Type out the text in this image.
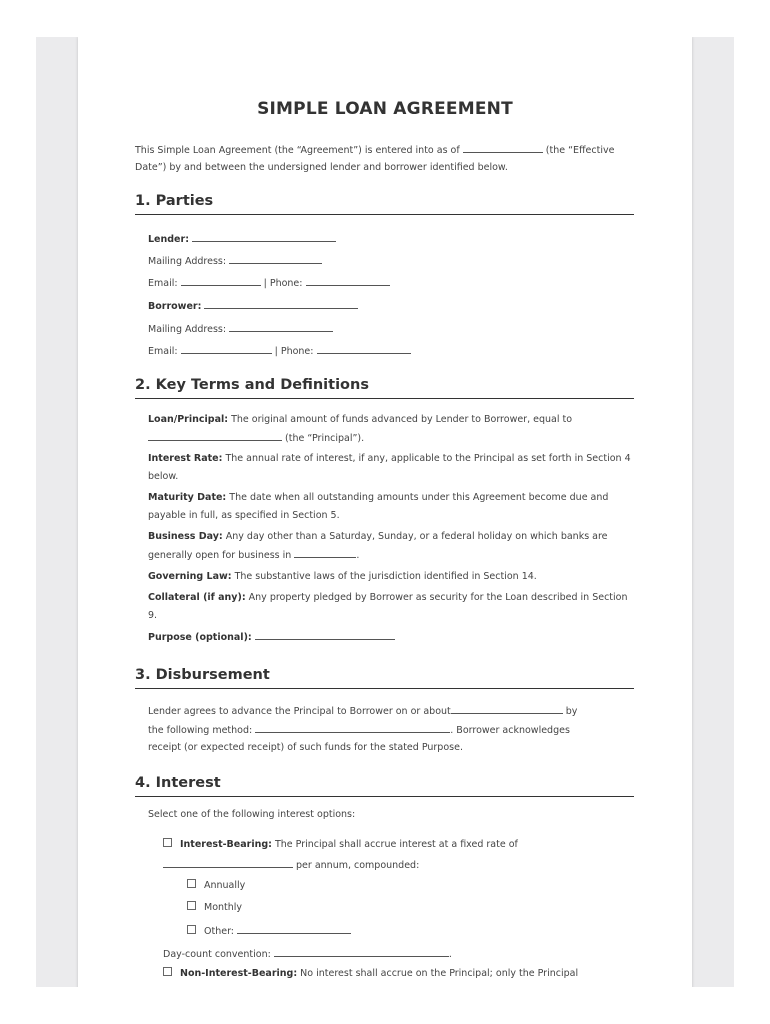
SIMPLE LOAN AGREEMENT
This Simple Loan Agreement (the “Agreement”) is entered into as of	(the “Effective
Date”) by and between the undersigned lender and borrower identified below.
1. Parties
Lender:
Mailing Address:
Email:	| Phone:
Borrower:
Mailing Address:
Email:	| Phone:
2. Key Terms and Definitions
Loan/Principal: The original amount of funds advanced by Lender to Borrower, equal to
(the “Principal”).
Interest Rate: The annual rate of interest, if any, applicable to the Principal as set forth in Section 4 below.
Maturity Date: The date when all outstanding amounts under this Agreement become due and payable in full, as specified in Section 5.
Business Day: Any day other than a Saturday, Sunday, or a federal holiday on which banks are generally open for business in	.
Governing Law: The substantive laws of the jurisdiction identified in Section 14.
Collateral (if any): Any property pledged by Borrower as security for the Loan described in Section 9.
Purpose (optional):
3. Disbursement
Lender agrees to advance the Principal to Borrower on or about	by
the following method:	. Borrower acknowledges
receipt (or expected receipt) of such funds for the stated Purpose.
4. Interest
Select one of the following interest options:
Interest-Bearing: The Principal shall accrue interest at a fixed rate of
per annum, compounded:
Annually
Monthly
Other:
Day-count convention:	.
Non-Interest-Bearing: No interest shall accrue on the Principal; only the Principal
